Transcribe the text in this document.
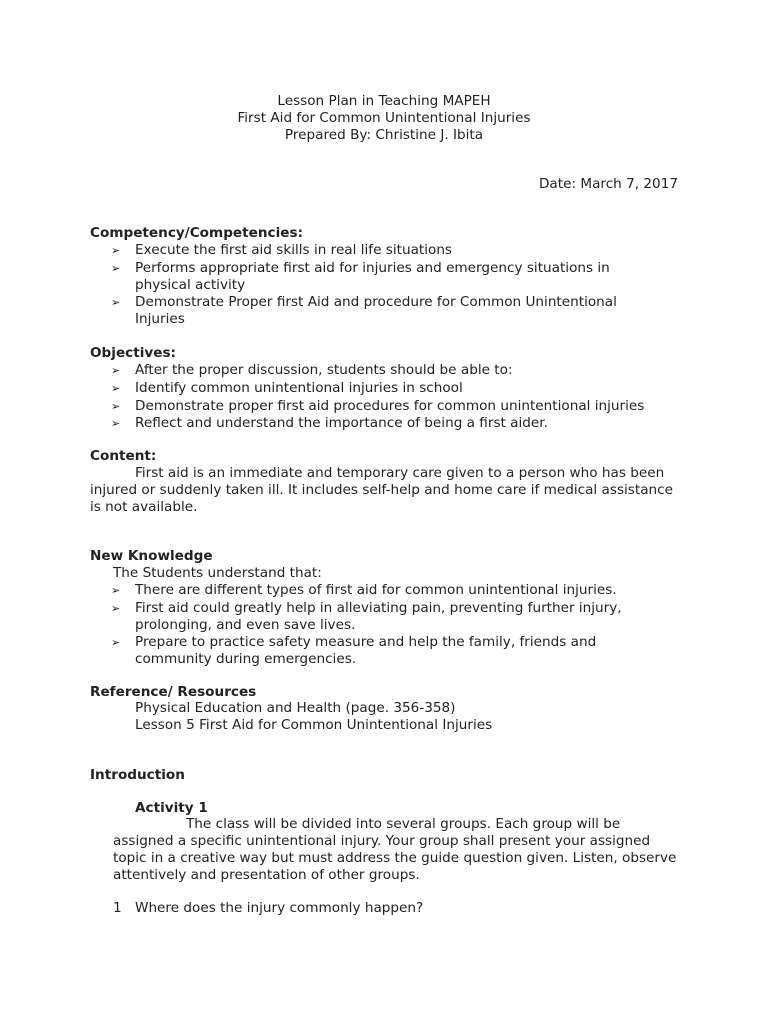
Lesson Plan in Teaching MAPEH
First Aid for Common Unintentional Injuries
Prepared By: Christine J. Ibita
Date: March 7, 2017
Competency/Competencies:
➢	Execute the first aid skills in real life situations
➢	Performs appropriate first aid for injuries and emergency situations in physical activity
➢	Demonstrate Proper first Aid and procedure for Common Unintentional Injuries
Objectives:
➢	After the proper discussion, students should be able to:
➢	Identify common unintentional injuries in school
➢	Demonstrate proper first aid procedures for common unintentional injuries
➢	Reflect and understand the importance of being a first aider.
Content:
First aid is an immediate and temporary care given to a person who has been injured or suddenly taken ill. It includes self-help and home care if medical assistance is not available.
New Knowledge
The Students understand that:
➢	There are different types of first aid for common unintentional injuries.
➢	First aid could greatly help in alleviating pain, preventing further injury, prolonging, and even save lives.
➢	Prepare to practice safety measure and help the family, friends and community during emergencies.
Reference/ Resources
Physical Education and Health (page. 356-358)
Lesson 5 First Aid for Common Unintentional Injuries
Introduction
Activity 1
The class will be divided into several groups. Each group will be assigned a specific unintentional injury. Your group shall present your assigned topic in a creative way but must address the guide question given. Listen, observe attentively and presentation of other groups.
1 Where does the injury commonly happen?
